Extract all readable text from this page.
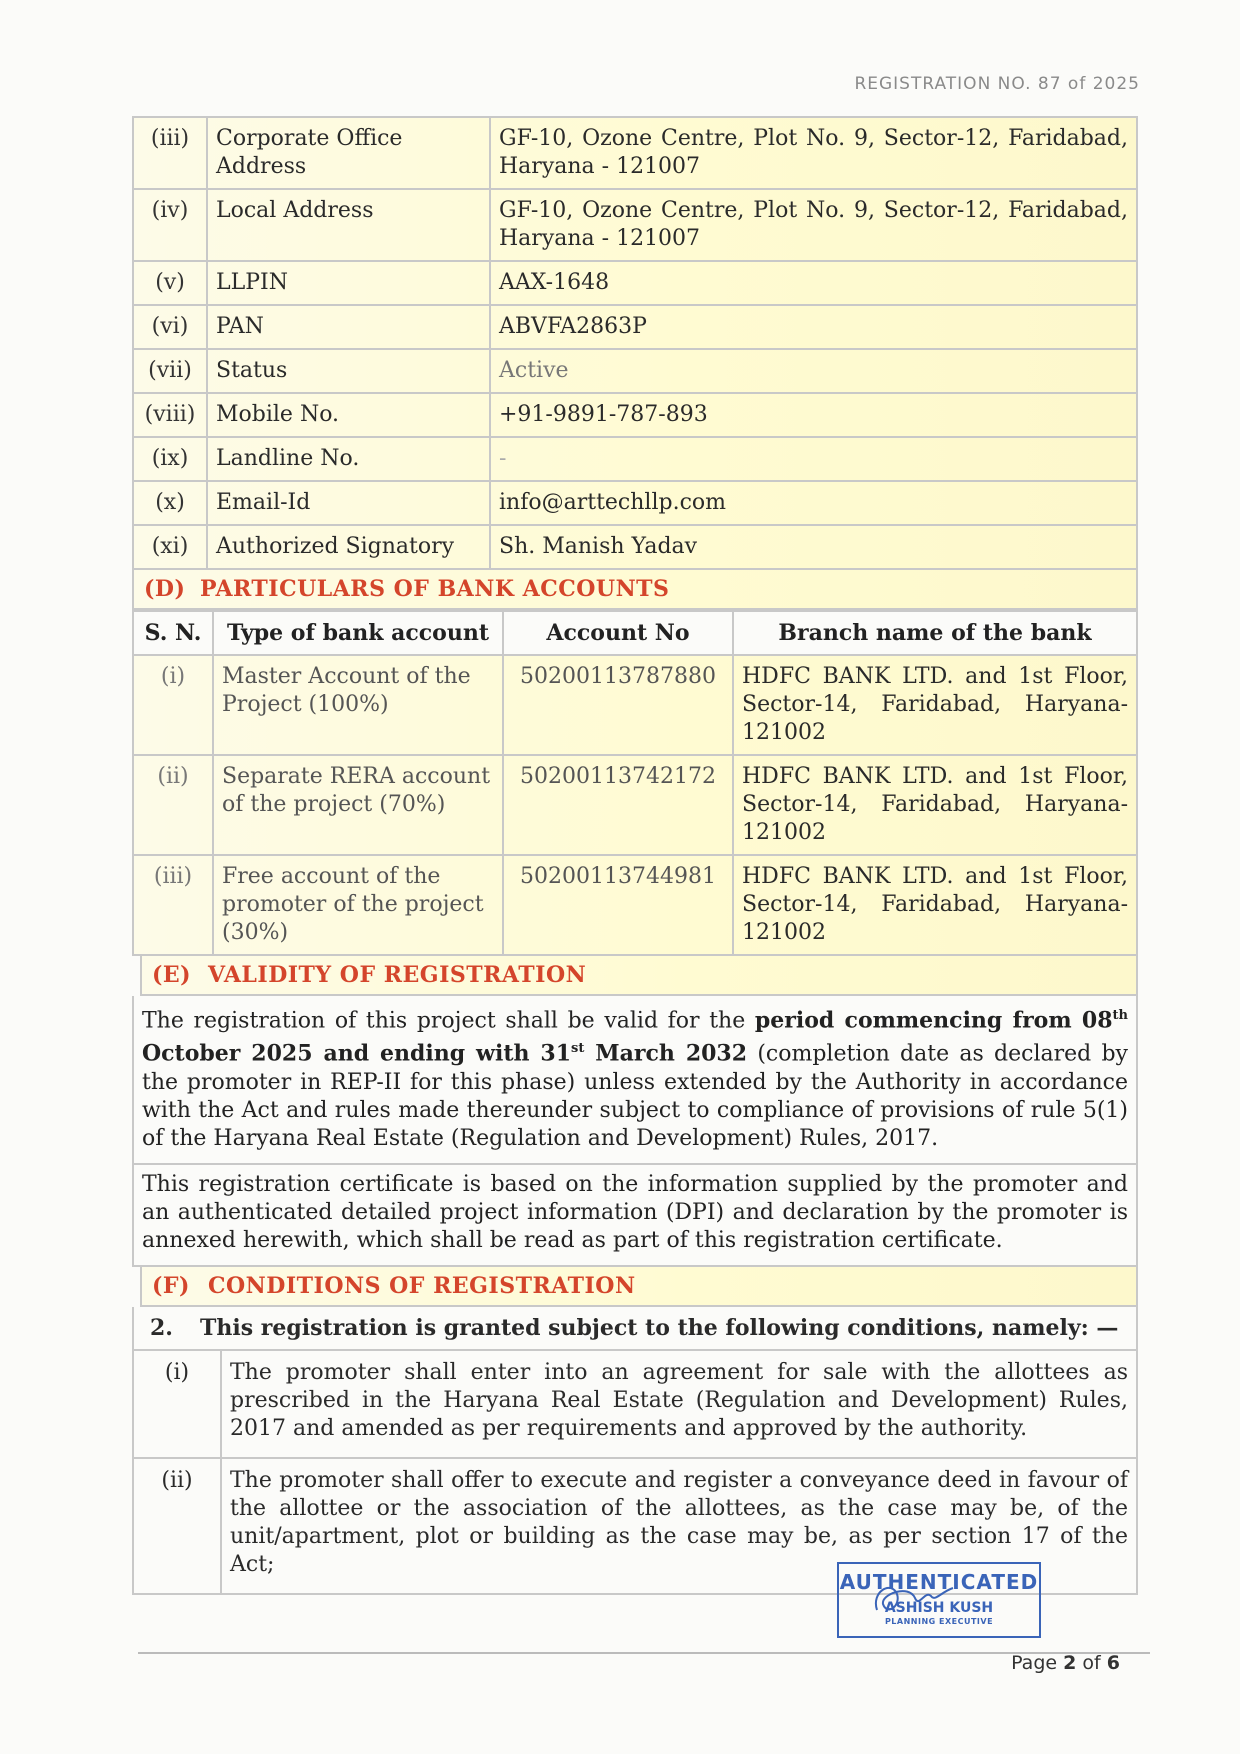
REGISTRATION NO. 87 of 2025
(iii)	Corporate Office Address	GF-10, Ozone Centre, Plot No. 9, Sector-12, Faridabad, Haryana - 121007
(iv)	Local Address	GF-10, Ozone Centre, Plot No. 9, Sector-12, Faridabad, Haryana - 121007
(v)	LLPIN	AAX-1648
(vi)	PAN	ABVFA2863P
(vii)	Status	Active
(viii)	Mobile No.	+91-9891-787-893
(ix)	Landline No.	-
(x)	Email-Id	info@arttechllp.com
(xi)	Authorized Signatory	Sh. Manish Yadav
(D) PARTICULARS OF BANK ACCOUNTS
S. N.	Type of bank account	Account No	Branch name of the bank
(i)	Master Account of the Project (100%)	50200113787880	HDFC BANK LTD. and 1st Floor, Sector-14, Faridabad, Haryana-121002
(ii)	Separate RERA account of the project (70%)	50200113742172	HDFC BANK LTD. and 1st Floor, Sector-14, Faridabad, Haryana-121002
(iii)	Free account of the promoter of the project (30%)	50200113744981	HDFC BANK LTD. and 1st Floor, Sector-14, Faridabad, Haryana-121002
(E) VALIDITY OF REGISTRATION
The registration of this project shall be valid for the period commencing from 08th October 2025 and ending with 31st March 2032 (completion date as declared by the promoter in REP-II for this phase) unless extended by the Authority in accordance with the Act and rules made thereunder subject to compliance of provisions of rule 5(1) of the Haryana Real Estate (Regulation and Development) Rules, 2017.
This registration certificate is based on the information supplied by the promoter and an authenticated detailed project information (DPI) and declaration by the promoter is annexed herewith, which shall be read as part of this registration certificate.
(F) CONDITIONS OF REGISTRATION
2. This registration is granted subject to the following conditions, namely: —
(i)	The promoter shall enter into an agreement for sale with the allottees as prescribed in the Haryana Real Estate (Regulation and Development) Rules, 2017 and amended as per requirements and approved by the authority.
(ii)	The promoter shall offer to execute and register a conveyance deed in favour of the allottee or the association of the allottees, as the case may be, of the unit/apartment, plot or building as the case may be, as per section 17 of the Act;
AUTHENTICATED
ASHISH KUSH
PLANNING EXECUTIVE
Page 2 of 6
